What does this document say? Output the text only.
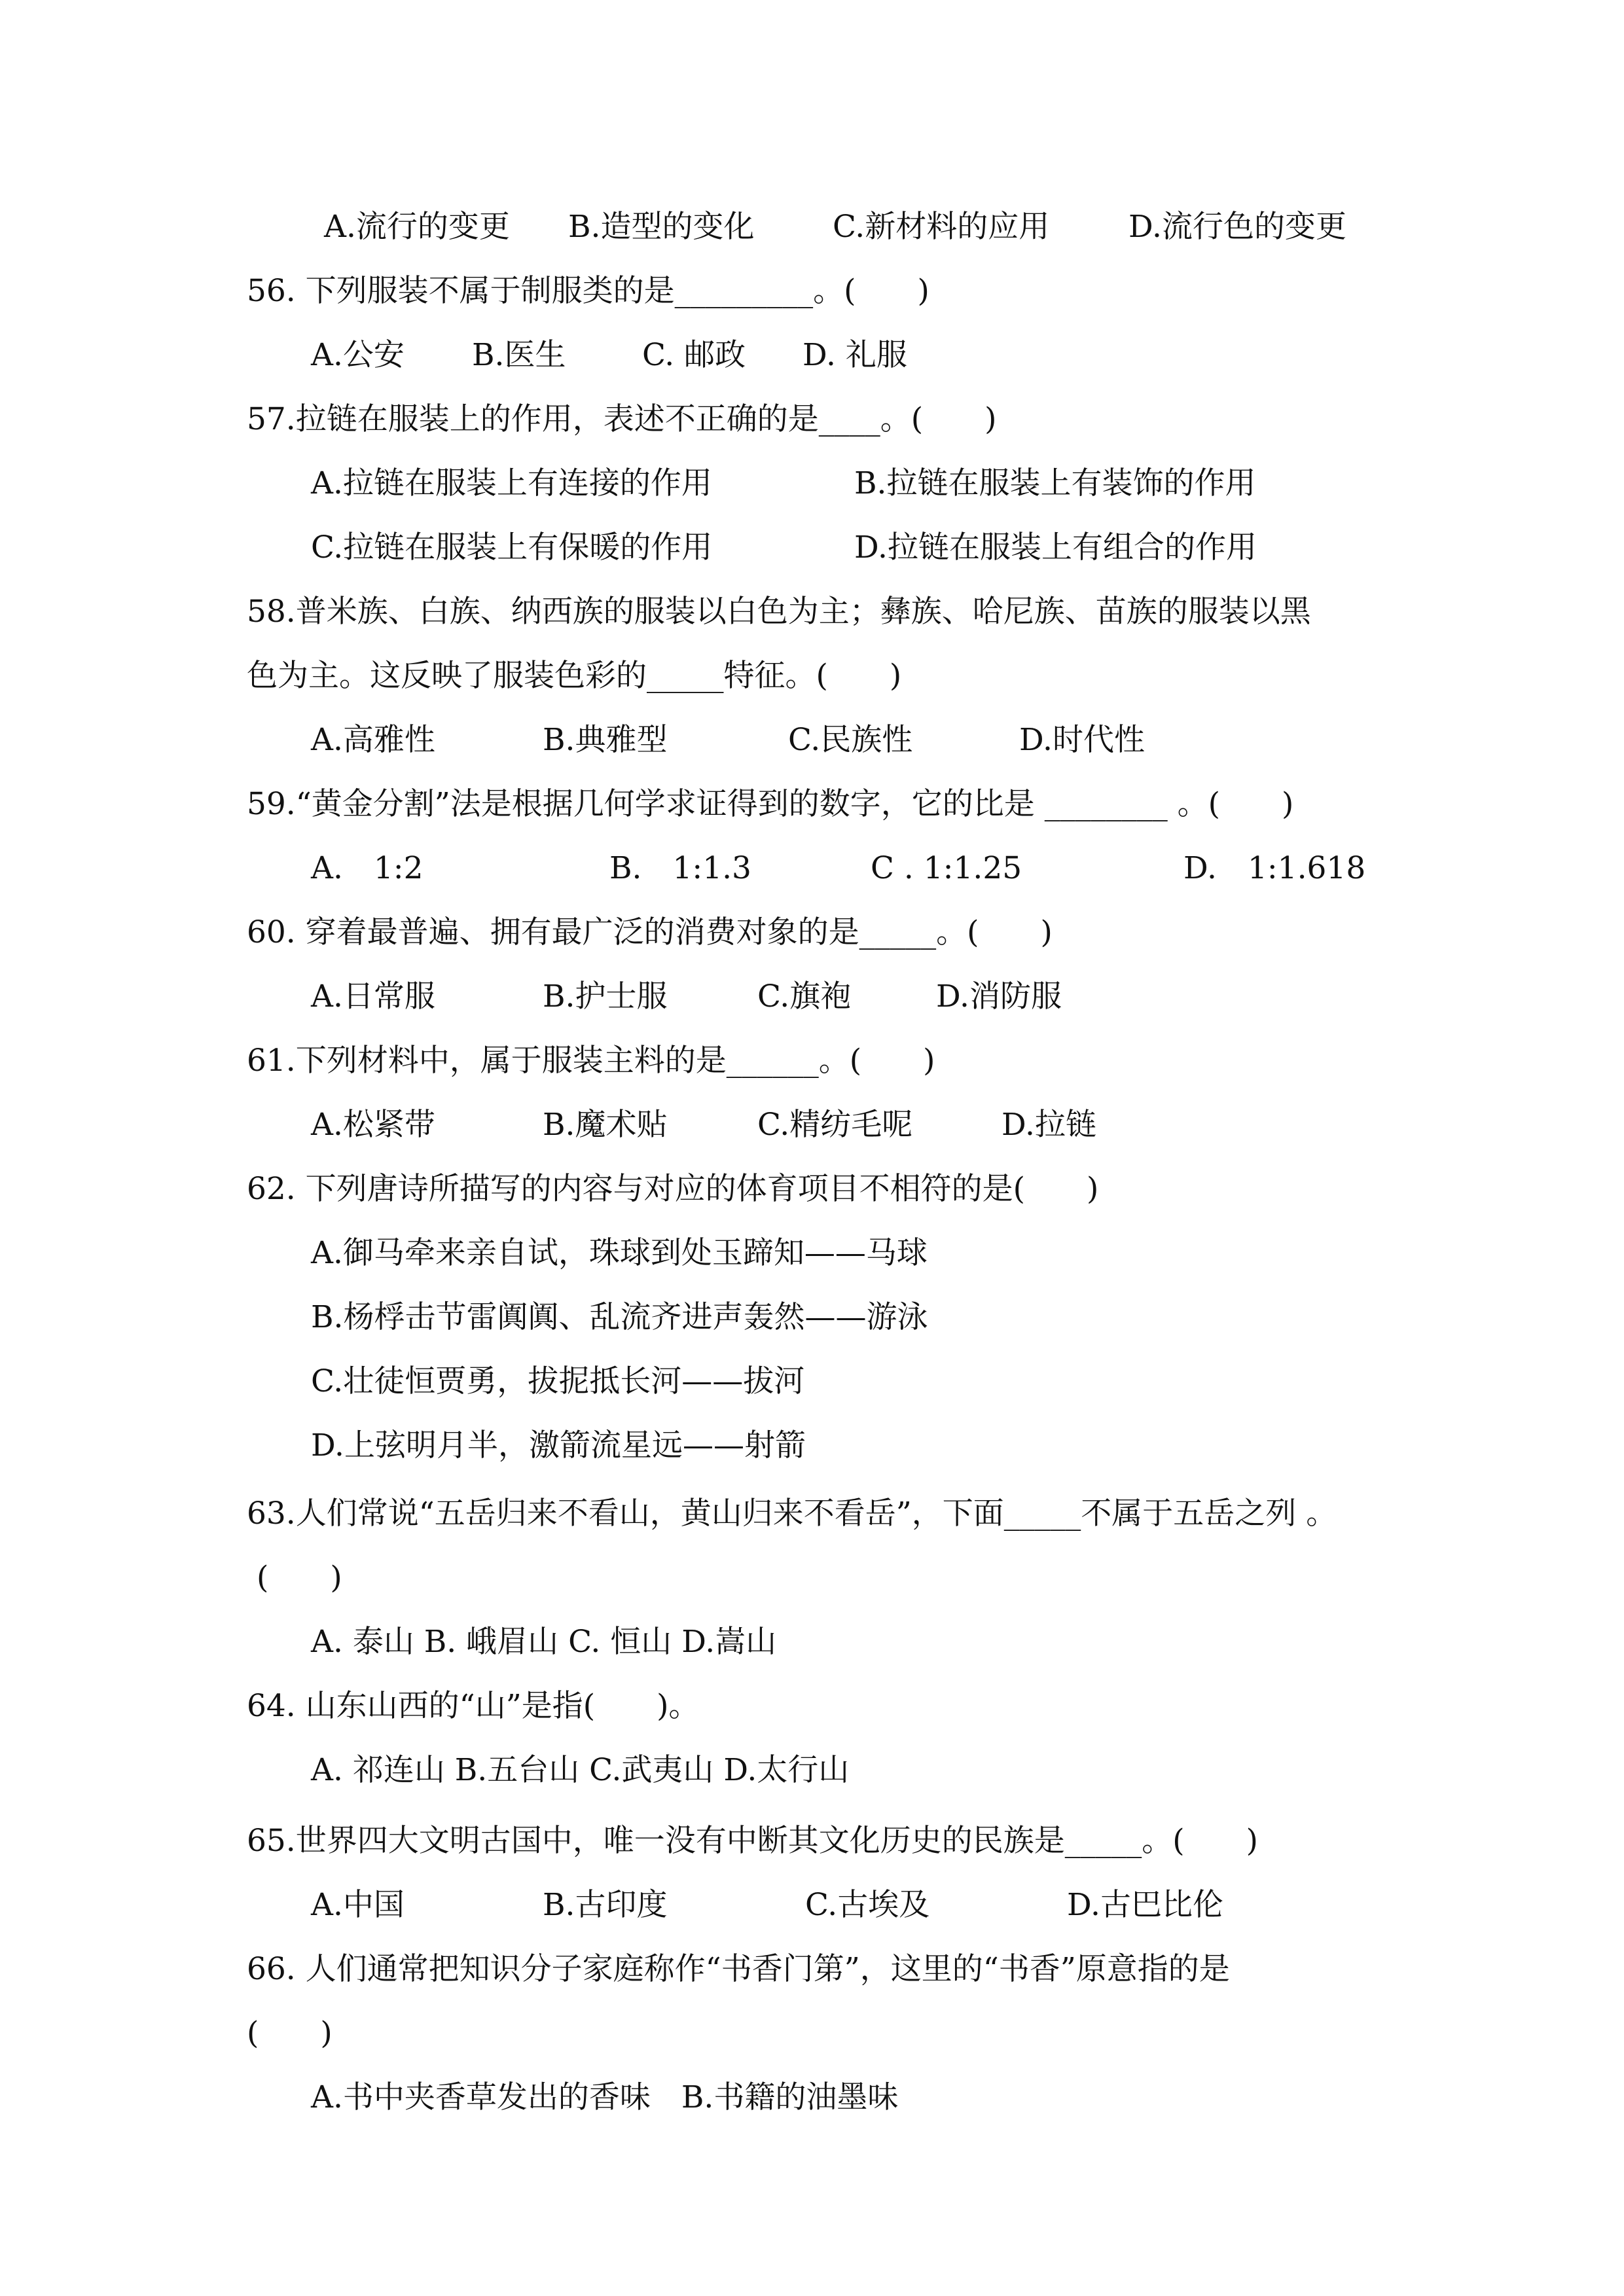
A.流行的变更 B.造型的变化	C.新材料的应用	D.流行色的变更
56. 下列服装不属于制服类的是_________。(　　)
A.公安 B.医生 C. 邮政 D. 礼服
57.拉链在服装上的作用，表述不正确的是____。(　　)
A.拉链在服装上有连接的作用	B.拉链在服装上有装饰的作用
C.拉链在服装上有保暖的作用	D.拉链在服装上有组合的作用
58.普米族、白族、纳西族的服装以白色为主；彝族、哈尼族、苗族的服装以黑
色为主。这反映了服装色彩的_____特征。(　　)
A.高雅性	B.典雅型	C.民族性	D.时代性
59.“黄金分割”法是根据几何学求证得到的数字，它的比是 ________ 。(　　)
A.　1:2	B.　1:1.3	C . 1:1.25	D.　1:1.618
60. 穿着最普遍、拥有最广泛的消费对象的是_____。(　　)
A.日常服	B.护士服	C.旗袍	D.消防服
61.下列材料中，属于服装主料的是______。(　　)
A.松紧带	B.魔术贴	C.精纺毛呢	D.拉链
62. 下列唐诗所描写的内容与对应的体育项目不相符的是(　　)
A.御马牵来亲自试，珠球到处玉蹄知——马球
B.杨桴击节雷阗阗、乱流齐进声轰然——游泳
C.壮徒恒贾勇，拔抳抵长河——拔河
D.上弦明月半，激箭流星远——射箭
63.人们常说“五岳归来不看山，黄山归来不看岳”，下面_____不属于五岳之列 。
(　　)
A. 泰山 B. 峨眉山 C. 恒山 D.嵩山
64. 山东山西的“山”是指(　　)。
A. 祁连山 B.五台山 C.武夷山 D.太行山
65.世界四大文明古国中，唯一没有中断其文化历史的民族是_____。(　　)
A.中国	B.古印度	C.古埃及	D.古巴比伦
66. 人们通常把知识分子家庭称作“书香门第”，这里的“书香”原意指的是
(　　)
A.书中夹香草发出的香味　B.书籍的油墨味
